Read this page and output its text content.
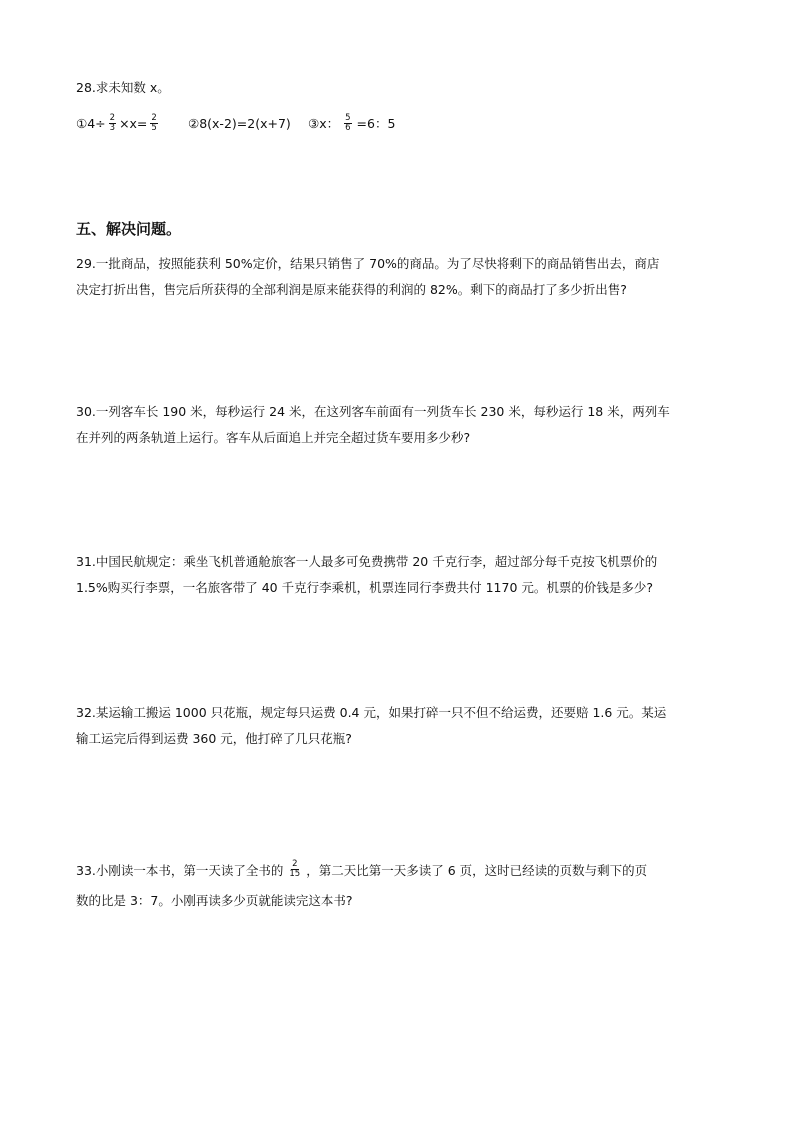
28.求未知数 x。
①4÷ $\frac{2}{3} \times x= \frac{2}{5}$ ②8(x-2)=2(x+7) ③x： $\frac{5}{6} =6$：5
五、解决问题。
29.一批商品，按照能获利 50%定价，结果只销售了 70%的商品。为了尽快将剩下的商品销售出去，商店
决定打折出售，售完后所获得的全部利润是原来能获得的利润的 82%。剩下的商品打了多少折出售?
30.一列客车长 190 米，每秒运行 24 米，在这列客车前面有一列货车长 230 米，每秒运行 18 米，两列车
在并列的两条轨道上运行。客车从后面追上并完全超过货车要用多少秒?
31.中国民航规定：乘坐飞机普通舱旅客一人最多可免费携带 20 千克行李，超过部分每千克按飞机票价的
1.5%购买行李票，一名旅客带了 40 千克行李乘机，机票连同行李费共付 1170 元。机票的价钱是多少?
32.某运输工搬运 1000 只花瓶，规定每只运费 0.4 元，如果打碎一只不但不给运费，还要赔 1.6 元。某运
输工运完后得到运费 360 元，他打碎了几只花瓶?
33.小刚读一本书，第一天读了全书的 $\frac{2}{15}$ ，第二天比第一天多读了 6 页，这时已经读的页数与剩下的页
数的比是 3：7。小刚再读多少页就能读完这本书?
